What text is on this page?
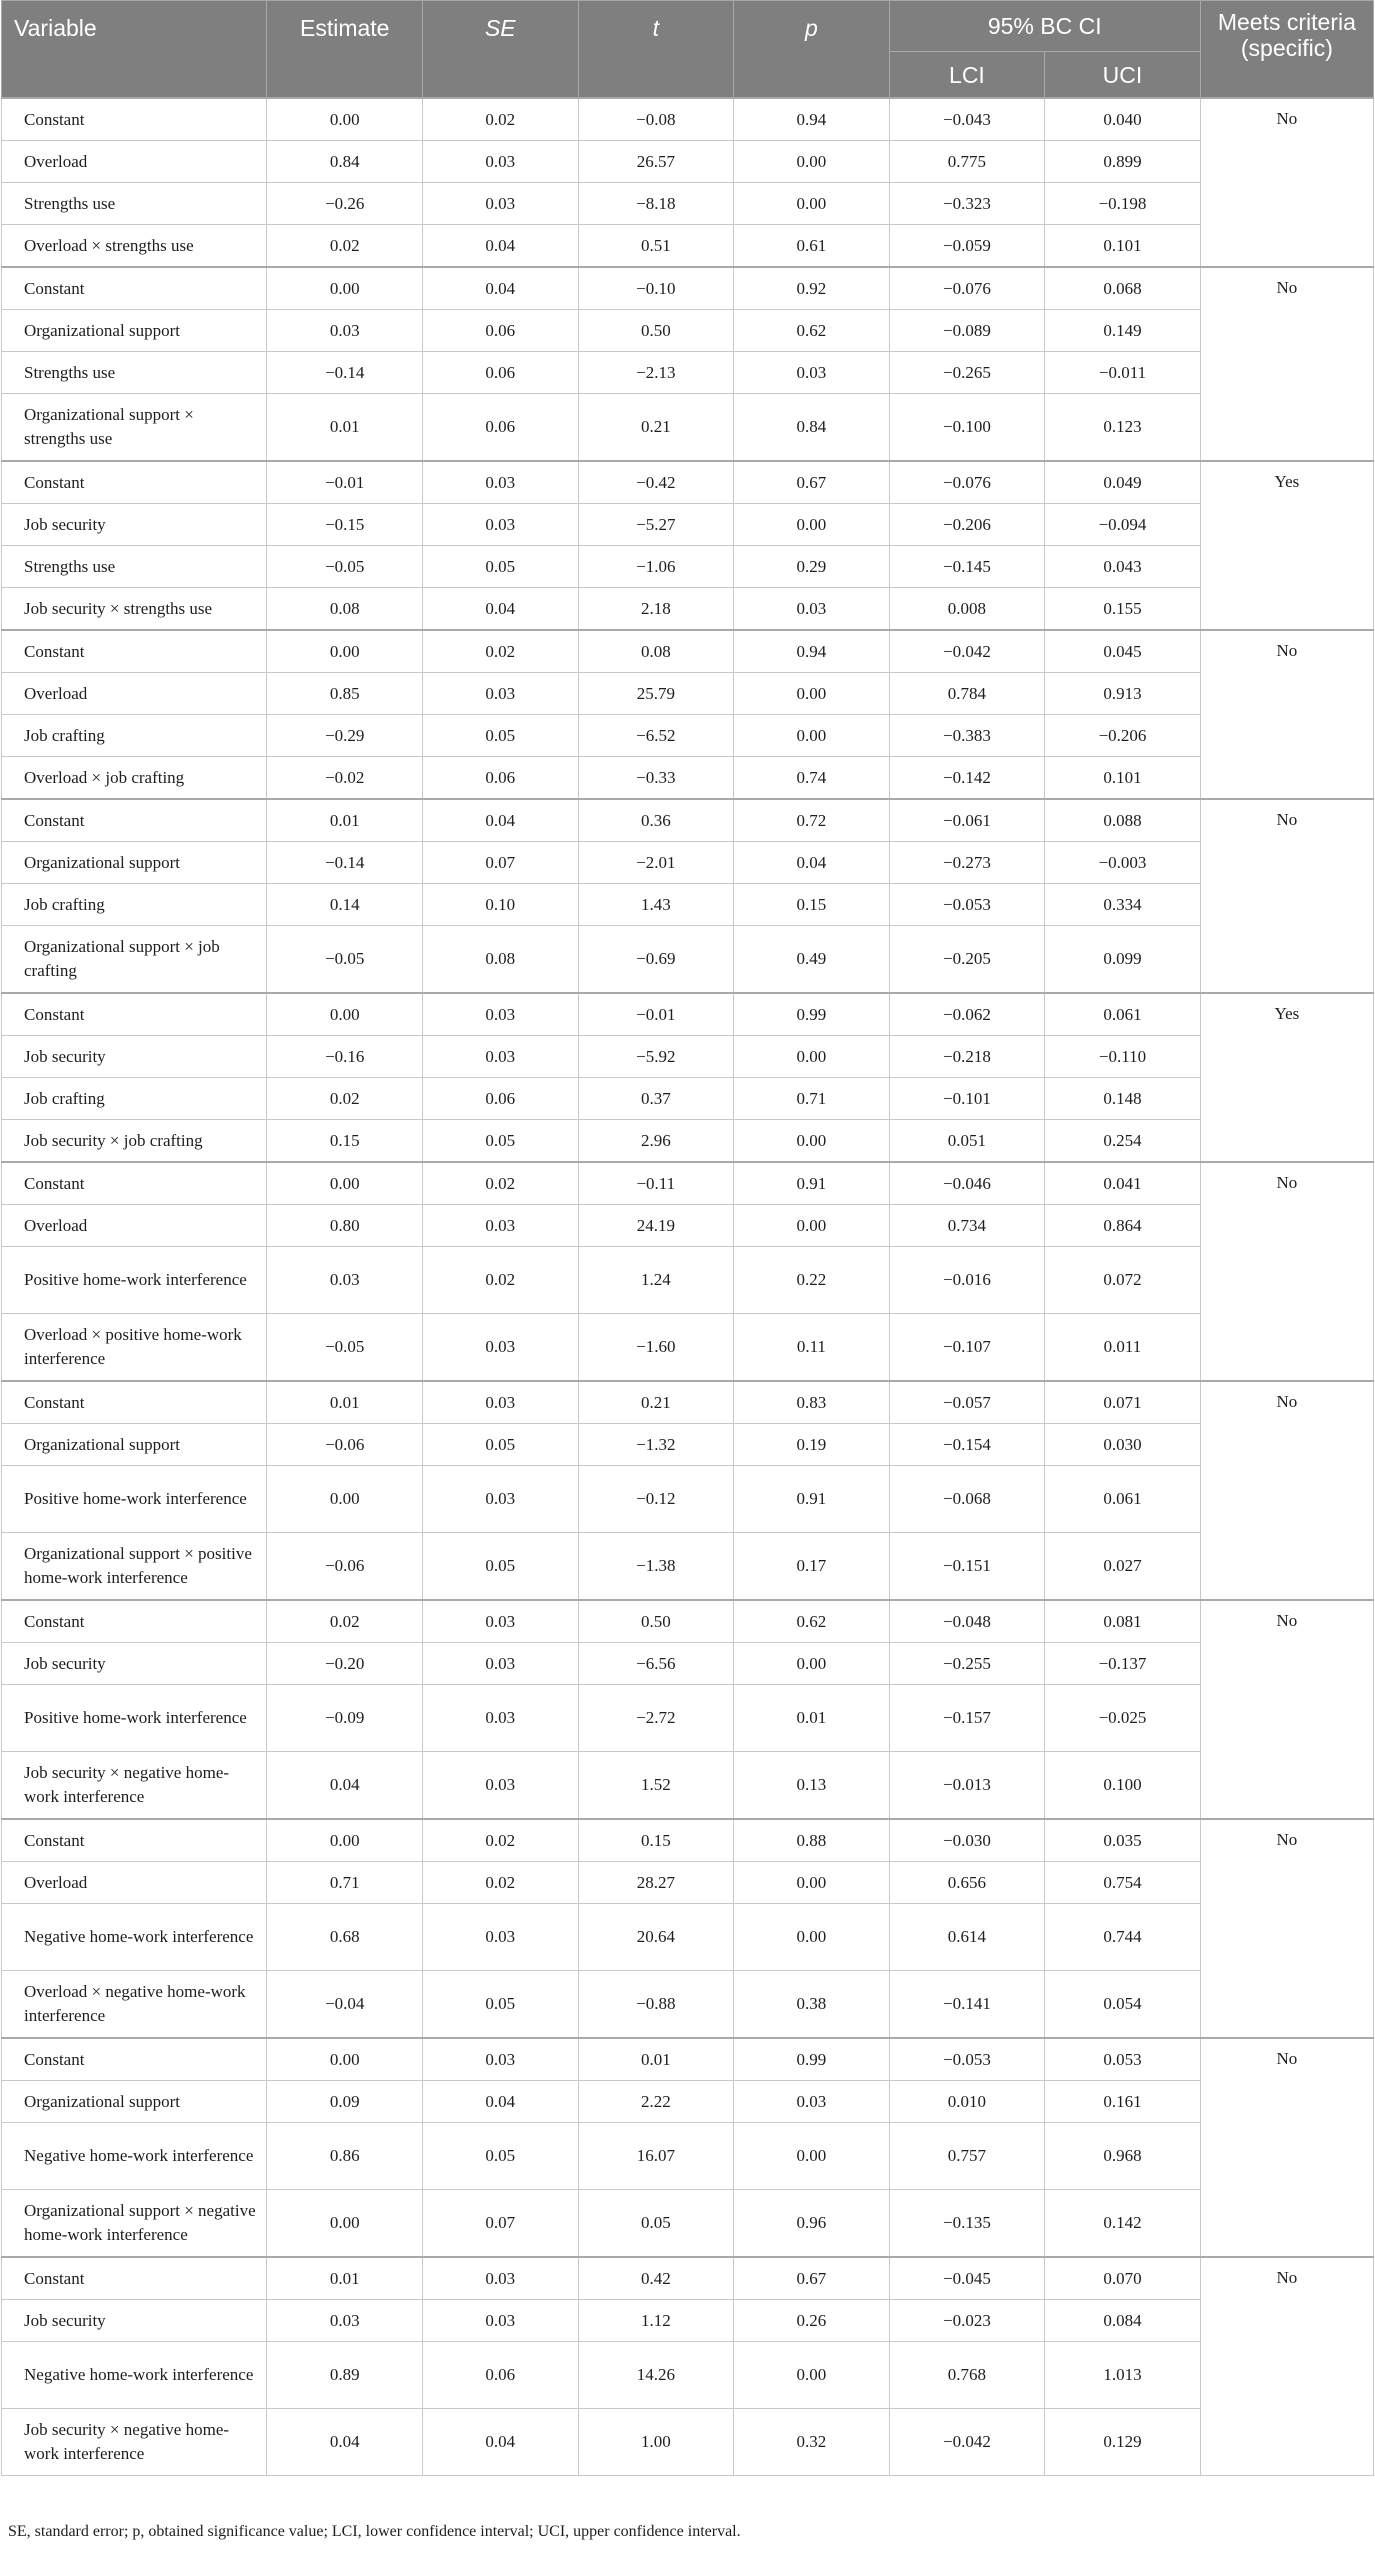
Variable	Estimate	SE	t	p	95% BC CI		Meets criteria (specific)
					LCI	UCI	
Constant	0.00	0.02	−0.08	0.94	−0.043	0.040	No
Overload	0.84	0.03	26.57	0.00	0.775	0.899	
Strengths use	−0.26	0.03	−8.18	0.00	−0.323	−0.198	
Overload × strengths use	0.02	0.04	0.51	0.61	−0.059	0.101	
Constant	0.00	0.04	−0.10	0.92	−0.076	0.068	No
Organizational support	0.03	0.06	0.50	0.62	−0.089	0.149	
Strengths use	−0.14	0.06	−2.13	0.03	−0.265	−0.011	
Organizational support × strengths use	0.01	0.06	0.21	0.84	−0.100	0.123	
Constant	−0.01	0.03	−0.42	0.67	−0.076	0.049	Yes
Job security	−0.15	0.03	−5.27	0.00	−0.206	−0.094	
Strengths use	−0.05	0.05	−1.06	0.29	−0.145	0.043	
Job security × strengths use	0.08	0.04	2.18	0.03	0.008	0.155	
Constant	0.00	0.02	0.08	0.94	−0.042	0.045	No
Overload	0.85	0.03	25.79	0.00	0.784	0.913	
Job crafting	−0.29	0.05	−6.52	0.00	−0.383	−0.206	
Overload × job crafting	−0.02	0.06	−0.33	0.74	−0.142	0.101	
Constant	0.01	0.04	0.36	0.72	−0.061	0.088	No
Organizational support	−0.14	0.07	−2.01	0.04	−0.273	−0.003	
Job crafting	0.14	0.10	1.43	0.15	−0.053	0.334	
Organizational support × job crafting	−0.05	0.08	−0.69	0.49	−0.205	0.099	
Constant	0.00	0.03	−0.01	0.99	−0.062	0.061	Yes
Job security	−0.16	0.03	−5.92	0.00	−0.218	−0.110	
Job crafting	0.02	0.06	0.37	0.71	−0.101	0.148	
Job security × job crafting	0.15	0.05	2.96	0.00	0.051	0.254	
Constant	0.00	0.02	−0.11	0.91	−0.046	0.041	No
Overload	0.80	0.03	24.19	0.00	0.734	0.864	
Positive home-work interference	0.03	0.02	1.24	0.22	−0.016	0.072	
Overload × positive home-work interference	−0.05	0.03	−1.60	0.11	−0.107	0.011	
Constant	0.01	0.03	0.21	0.83	−0.057	0.071	No
Organizational support	−0.06	0.05	−1.32	0.19	−0.154	0.030	
Positive home-work interference	0.00	0.03	−0.12	0.91	−0.068	0.061	
Organizational support × positive home-work interference	−0.06	0.05	−1.38	0.17	−0.151	0.027	
Constant	0.02	0.03	0.50	0.62	−0.048	0.081	No
Job security	−0.20	0.03	−6.56	0.00	−0.255	−0.137	
Positive home-work interference	−0.09	0.03	−2.72	0.01	−0.157	−0.025	
Job security × negative home-work interference	0.04	0.03	1.52	0.13	−0.013	0.100	
Constant	0.00	0.02	0.15	0.88	−0.030	0.035	No
Overload	0.71	0.02	28.27	0.00	0.656	0.754	
Negative home-work interference	0.68	0.03	20.64	0.00	0.614	0.744	
Overload × negative home-work interference	−0.04	0.05	−0.88	0.38	−0.141	0.054	
Constant	0.00	0.03	0.01	0.99	−0.053	0.053	No
Organizational support	0.09	0.04	2.22	0.03	0.010	0.161	
Negative home-work interference	0.86	0.05	16.07	0.00	0.757	0.968	
Organizational support × negative home-work interference	0.00	0.07	0.05	0.96	−0.135	0.142	
Constant	0.01	0.03	0.42	0.67	−0.045	0.070	No
Job security	0.03	0.03	1.12	0.26	−0.023	0.084	
Negative home-work interference	0.89	0.06	14.26	0.00	0.768	1.013	
Job security × negative home-work interference	0.04	0.04	1.00	0.32	−0.042	0.129	
SE, standard error; p, obtained significance value; LCI, lower confidence interval; UCI, upper confidence interval.
